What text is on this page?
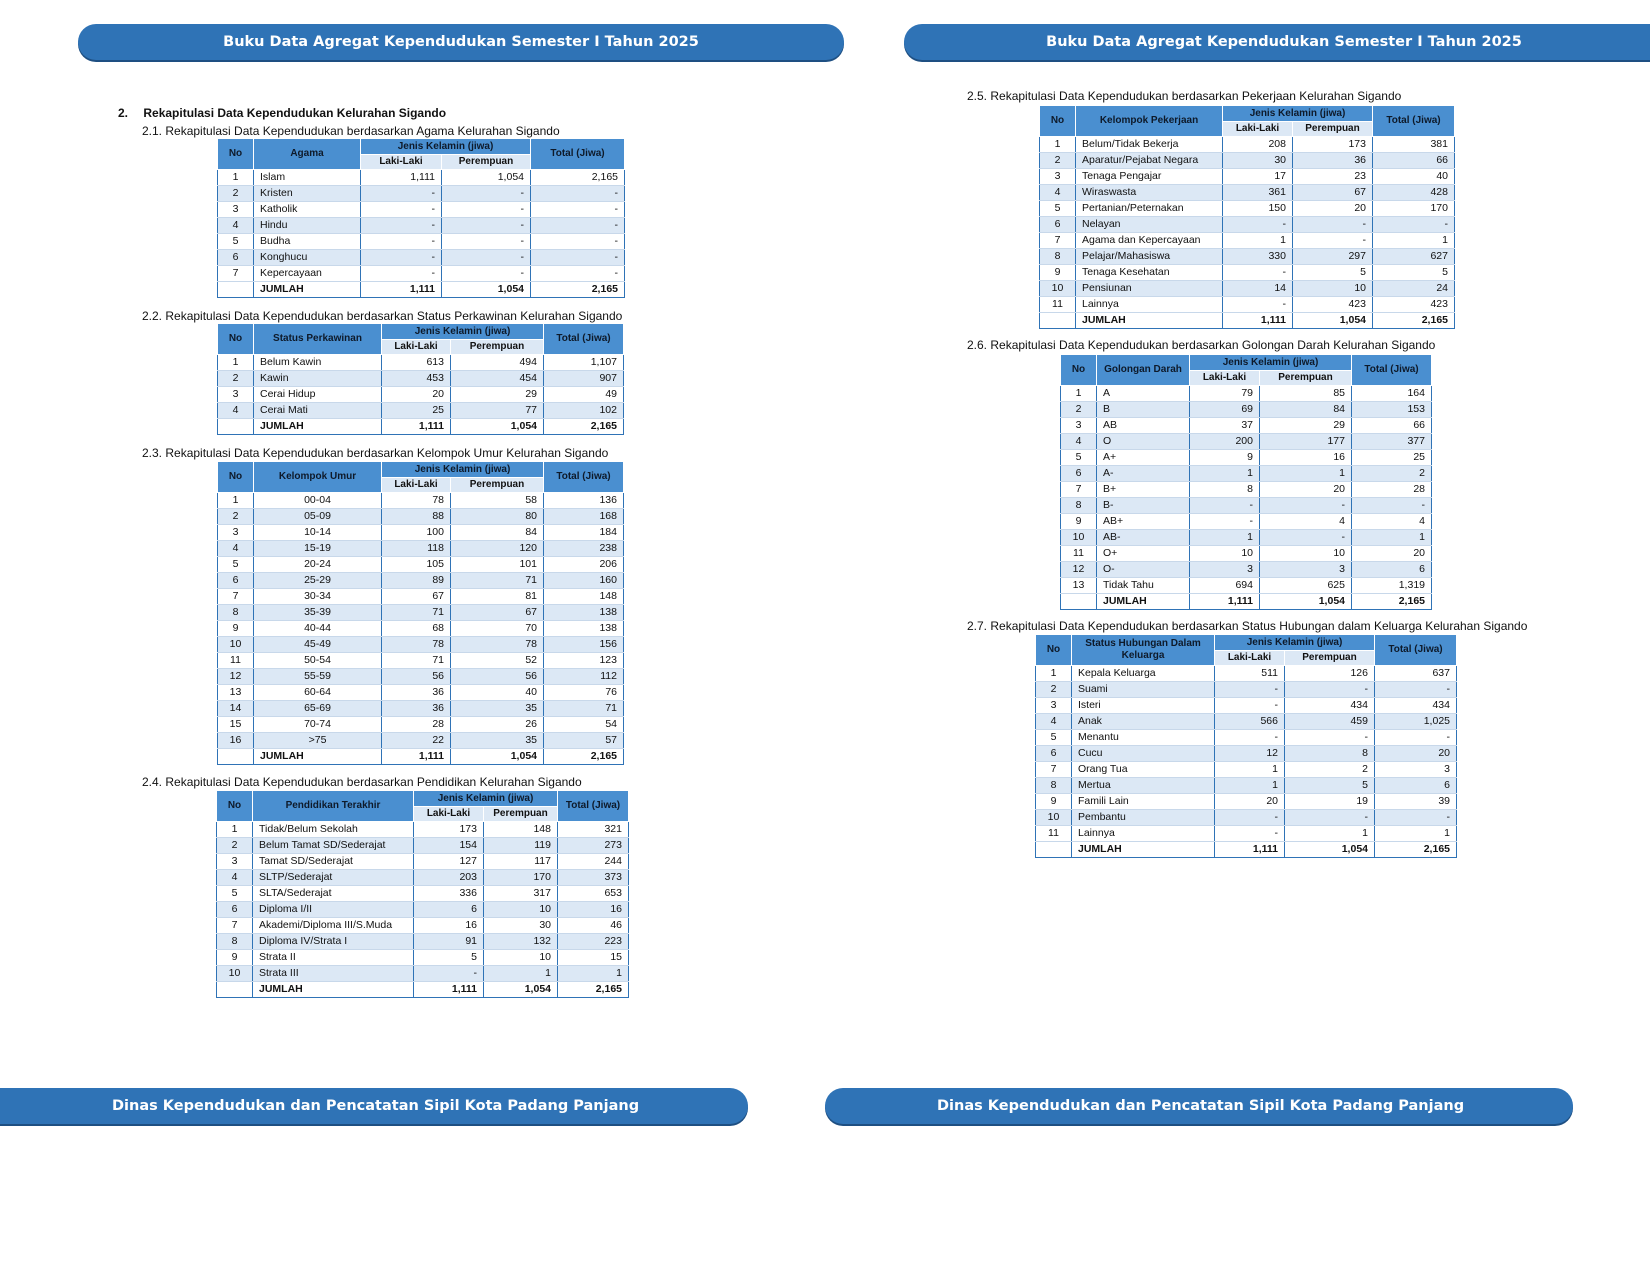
Buku Data Agregat Kependudukan Semester I Tahun 2025	Buku Data Agregat Kependudukan Semester I Tahun 2025
Dinas Kependudukan dan Pencatatan Sipil Kota Padang Panjang	Dinas Kependudukan dan Pencatatan Sipil Kota Padang Panjang
2. Rekapitulasi Data Kependudukan Kelurahan Sigando
2.1. Rekapitulasi Data Kependudukan berdasarkan Agama Kelurahan Sigando
2.2. Rekapitulasi Data Kependudukan berdasarkan Status Perkawinan Kelurahan Sigando
2.3. Rekapitulasi Data Kependudukan berdasarkan Kelompok Umur Kelurahan Sigando
2.4. Rekapitulasi Data Kependudukan berdasarkan Pendidikan Kelurahan Sigando
2.5. Rekapitulasi Data Kependudukan berdasarkan Pekerjaan Kelurahan Sigando
2.6. Rekapitulasi Data Kependudukan berdasarkan Golongan Darah Kelurahan Sigando
2.7. Rekapitulasi Data Kependudukan berdasarkan Status Hubungan dalam Keluarga Kelurahan Sigando
No	Agama	Jenis Kelamin (jiwa)		Total (Jiwa)
		Laki-Laki	Perempuan	
1	Islam	1,111	1,054	2,165
2	Kristen	-	-	-
3	Katholik	-	-	-
4	Hindu	-	-	-
5	Budha	-	-	-
6	Konghucu	-	-	-
7	Kepercayaan	-	-	-
	JUMLAH	1,111	1,054	2,165
No	Status Perkawinan	Jenis Kelamin (jiwa)		Total (Jiwa)
		Laki-Laki	Perempuan	
1	Belum Kawin	613	494	1,107
2	Kawin	453	454	907
3	Cerai Hidup	20	29	49
4	Cerai Mati	25	77	102
	JUMLAH	1,111	1,054	2,165
No	Kelompok Umur	Jenis Kelamin (jiwa)		Total (Jiwa)
		Laki-Laki	Perempuan	
1	00-04	78	58	136
2	05-09	88	80	168
3	10-14	100	84	184
4	15-19	118	120	238
5	20-24	105	101	206
6	25-29	89	71	160
7	30-34	67	81	148
8	35-39	71	67	138
9	40-44	68	70	138
10	45-49	78	78	156
11	50-54	71	52	123
12	55-59	56	56	112
13	60-64	36	40	76
14	65-69	36	35	71
15	70-74	28	26	54
16	>75	22	35	57
	JUMLAH	1,111	1,054	2,165
No	Pendidikan Terakhir	Jenis Kelamin (jiwa)		Total (Jiwa)
		Laki-Laki	Perempuan	
1	Tidak/Belum Sekolah	173	148	321
2	Belum Tamat SD/Sederajat	154	119	273
3	Tamat SD/Sederajat	127	117	244
4	SLTP/Sederajat	203	170	373
5	SLTA/Sederajat	336	317	653
6	Diploma I/II	6	10	16
7	Akademi/Diploma III/S.Muda	16	30	46
8	Diploma IV/Strata I	91	132	223
9	Strata II	5	10	15
10	Strata III	-	1	1
	JUMLAH	1,111	1,054	2,165
No	Kelompok Pekerjaan	Jenis Kelamin (jiwa)		Total (Jiwa)
		Laki-Laki	Perempuan	
1	Belum/Tidak Bekerja	208	173	381
2	Aparatur/Pejabat Negara	30	36	66
3	Tenaga Pengajar	17	23	40
4	Wiraswasta	361	67	428
5	Pertanian/Peternakan	150	20	170
6	Nelayan	-	-	-
7	Agama dan Kepercayaan	1	-	1
8	Pelajar/Mahasiswa	330	297	627
9	Tenaga Kesehatan	-	5	5
10	Pensiunan	14	10	24
11	Lainnya	-	423	423
	JUMLAH	1,111	1,054	2,165
No	Golongan Darah	Jenis Kelamin (jiwa)		Total (Jiwa)
		Laki-Laki	Perempuan	
1	A	79	85	164
2	B	69	84	153
3	AB	37	29	66
4	O	200	177	377
5	A+	9	16	25
6	A-	1	1	2
7	B+	8	20	28
8	B-	-	-	-
9	AB+	-	4	4
10	AB-	1	-	1
11	O+	10	10	20
12	O-	3	3	6
13	Tidak Tahu	694	625	1,319
	JUMLAH	1,111	1,054	2,165
No	Status Hubungan Dalam Keluarga	Jenis Kelamin (jiwa)		Total (Jiwa)
		Laki-Laki	Perempuan	
1	Kepala Keluarga	511	126	637
2	Suami	-	-	-
3	Isteri	-	434	434
4	Anak	566	459	1,025
5	Menantu	-	-	-
6	Cucu	12	8	20
7	Orang Tua	1	2	3
8	Mertua	1	5	6
9	Famili Lain	20	19	39
10	Pembantu	-	-	-
11	Lainnya	-	1	1
	JUMLAH	1,111	1,054	2,165
